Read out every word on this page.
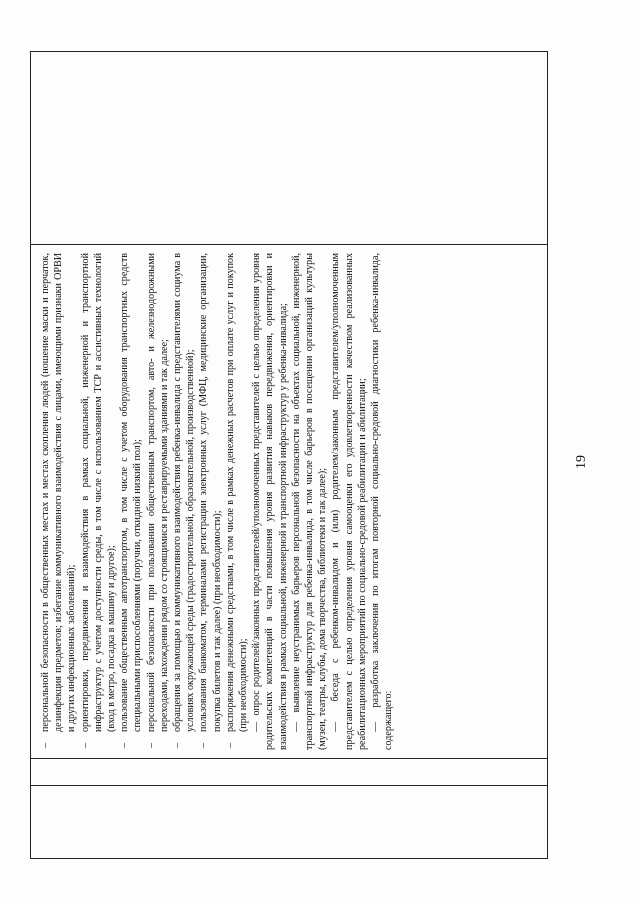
19

–
персональной безопасности в общественных местах и местах скопления людей (ношение маски и перчаток, дезинфекция предметов; избегание коммуникативного взаимодействия с лицами, имеющими признаки ОРВИ и других инфекционных заболеваний);
–
ориентировки, передвижения и взаимодействия в рамках социальной, инженерной и транспортной инфраструктур с учетом доступности среды, в том числе с использованием ТСР и ассистивных технологий (вход в метро, посадка в машину и другое);
–
пользование общественным автотранспортом, в том числе с учетом оборудования транспортных средств специальными приспособлениями (поручни, откидной низкий пол);
–
персональной безопасности при пользовании общественным транспортом, авто- и железнодорожными переходами, нахождении рядом со строящимися и реставрируемыми зданиями и так далее;
–
обращения за помощью и коммуникативного взаимодействия ребенка-инвалида с представителями социума в условиях окружающей среды (градостроительной, образовательной, производственной);
–
пользования банкоматом, терминалами регистрации электронных услуг (МФЦ, медицинские организации, покупка билетов и так далее) (при необходимости);
–
распоряжения денежными средствами, в том числе в рамках денежных расчетов при оплате услуг и покупок (при необходимости); —  опрос родителей/законных представителей/уполномоченных представителей с целью определения уровня родительских компетенций в части повышения уровня развития навыков передвижения, ориентировки и взаимодействия в рамках социальной, инженерной и транспортной инфраструктур у ребенка-инвалида; —  выявление неустранимых барьеров персональной безопасности на объектах социальной, инженерной, транспортной инфраструктур для ребенка-инвалида, в том числе барьеров в посещении организаций культуры (музеи, театры, клубы, дома творчества, библиотеки и так далее); —  беседа с ребенком-инвалидом и (или) родителем/законным представителем/уполномоченным представителем с целью определения уровня самооценки его удовлетворенности качеством реализованных реабилитационных мероприятий по социально-средовой реабилитации и абилитации; —  разработка заключения по итогам повторной социально-средовой диагностики ребенка-инвалида, содержащего:
